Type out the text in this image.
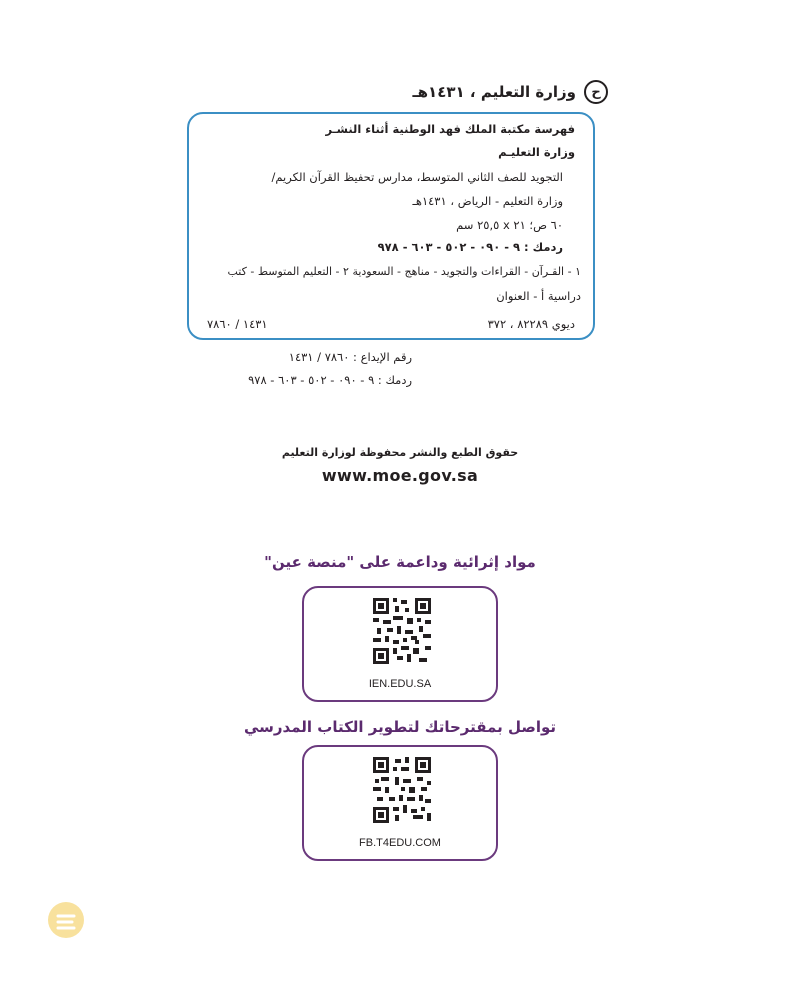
ح
وزارة التعليم ، ١٤٣١هـ
فهرسة مكتبة الملك فهد الوطنية أثناء النشـر
وزارة التعليـم
التجويد للصف الثاني المتوسط، مدارس تحفيظ القرآن الكريم/
وزارة التعليم - الرياض ، ١٤٣١هـ
٦٠ ص؛ ٢١ x ٢٥,٥ سم
ردمك : ٩ - ٠٩٠ - ٥٠٢ - ٦٠٣ - ٩٧٨
١ - القـرآن - القراءات والتجويد - مناهج - السعودية ٢ - التعليم المتوسط - كتب
دراسية أ - العنوان
ديوي ٨٢٢٨٩ ، ٣٧٢
١٤٣١ / ٧٨٦٠
رقم الإيداع : ٧٨٦٠ / ١٤٣١
ردمك : ٩ - ٠٩٠ - ٥٠٢ - ٦٠٣ - ٩٧٨
حقوق الطبع والنشر محفوظة لوزارة التعليم
www.moe.gov.sa
مواد إثرائية وداعمة على "منصة عين"
IEN.EDU.SA
تواصل بمقترحاتك لتطوير الكتاب المدرسي
FB.T4EDU.COM
